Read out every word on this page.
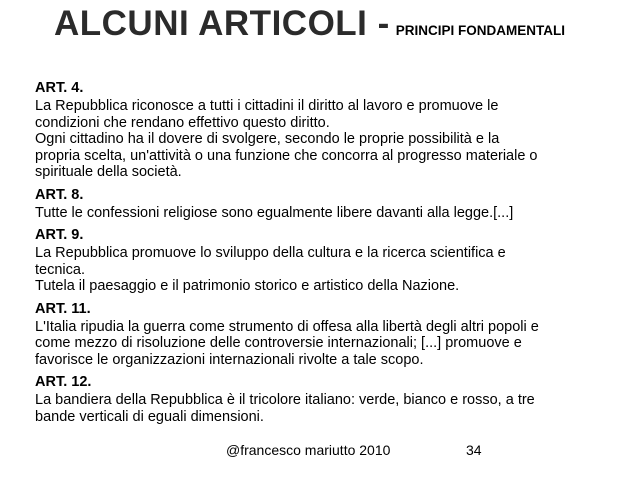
ALCUNI ARTICOLI - PRINCIPI FONDAMENTALI
ART. 4.
La Repubblica riconosce a tutti i cittadini il diritto al lavoro e promuove le
condizioni che rendano effettivo questo diritto.
Ogni cittadino ha il dovere di svolgere, secondo le proprie possibilità e la
propria scelta, un'attività o una funzione che concorra al progresso materiale o
spirituale della società.
ART. 8.
Tutte le confessioni religiose sono egualmente libere davanti alla legge.[...]
ART. 9.
La Repubblica promuove lo sviluppo della cultura e la ricerca scientifica e
tecnica.
Tutela il paesaggio e il patrimonio storico e artistico della Nazione.
ART. 11.
L'Italia ripudia la guerra come strumento di offesa alla libertà degli altri popoli e
come mezzo di risoluzione delle controversie internazionali; [...] promuove e
favorisce le organizzazioni internazionali rivolte a tale scopo.
ART. 12.
La bandiera della Repubblica è il tricolore italiano: verde, bianco e rosso, a tre
bande verticali di eguali dimensioni.
@francesco mariutto 2010	34
